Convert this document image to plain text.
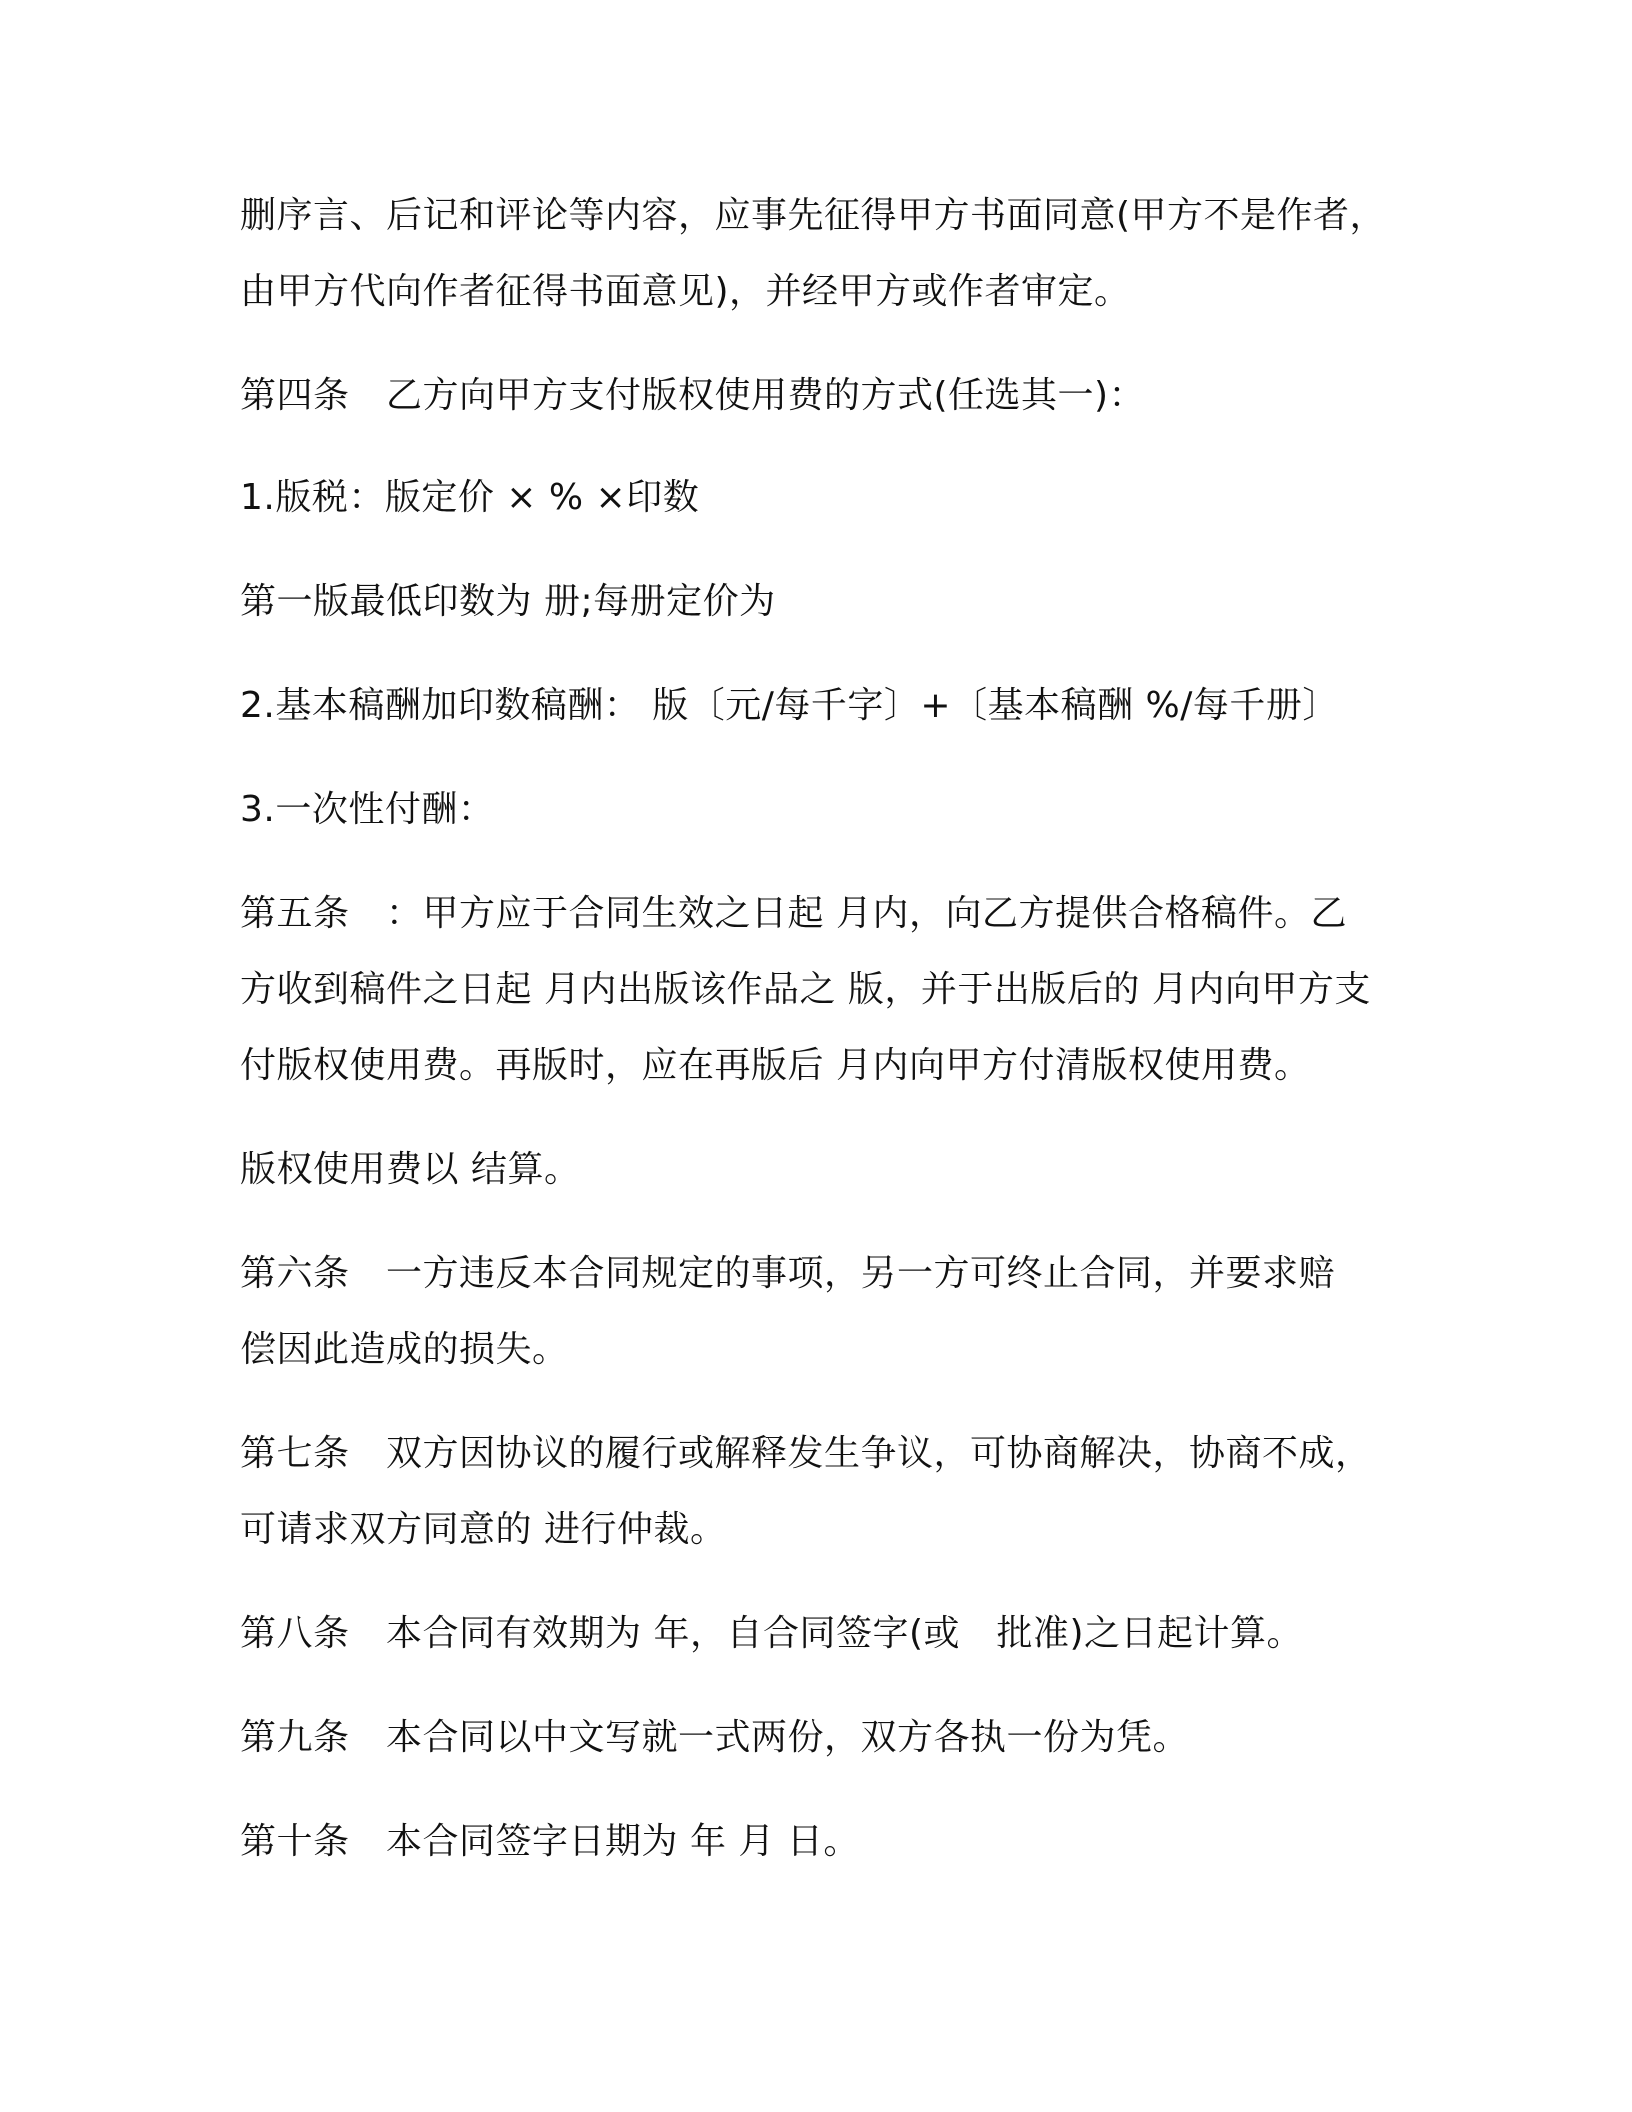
删序言、后记和评论等内容，应事先征得甲方书面同意(甲方不是作者，
由甲方代向作者征得书面意见)，并经甲方或作者审定。
第四条　乙方向甲方支付版权使用费的方式(任选其一)：
1.版税：版定价 × % ×印数
第一版最低印数为 册;每册定价为
2.基本稿酬加印数稿酬： 版〔元/每千字〕+〔基本稿酬 %/每千册〕
3.一次性付酬：
第五条　：甲方应于合同生效之日起 月内，向乙方提供合格稿件。乙
方收到稿件之日起 月内出版该作品之 版，并于出版后的 月内向甲方支
付版权使用费。再版时，应在再版后 月内向甲方付清版权使用费。
版权使用费以 结算。
第六条　一方违反本合同规定的事项，另一方可终止合同，并要求赔
偿因此造成的损失。
第七条　双方因协议的履行或解释发生争议，可协商解决，协商不成，
可请求双方同意的 进行仲裁。
第八条　本合同有效期为 年，自合同签字(或　批准)之日起计算。
第九条　本合同以中文写就一式两份，双方各执一份为凭。
第十条　本合同签字日期为 年 月 日。
